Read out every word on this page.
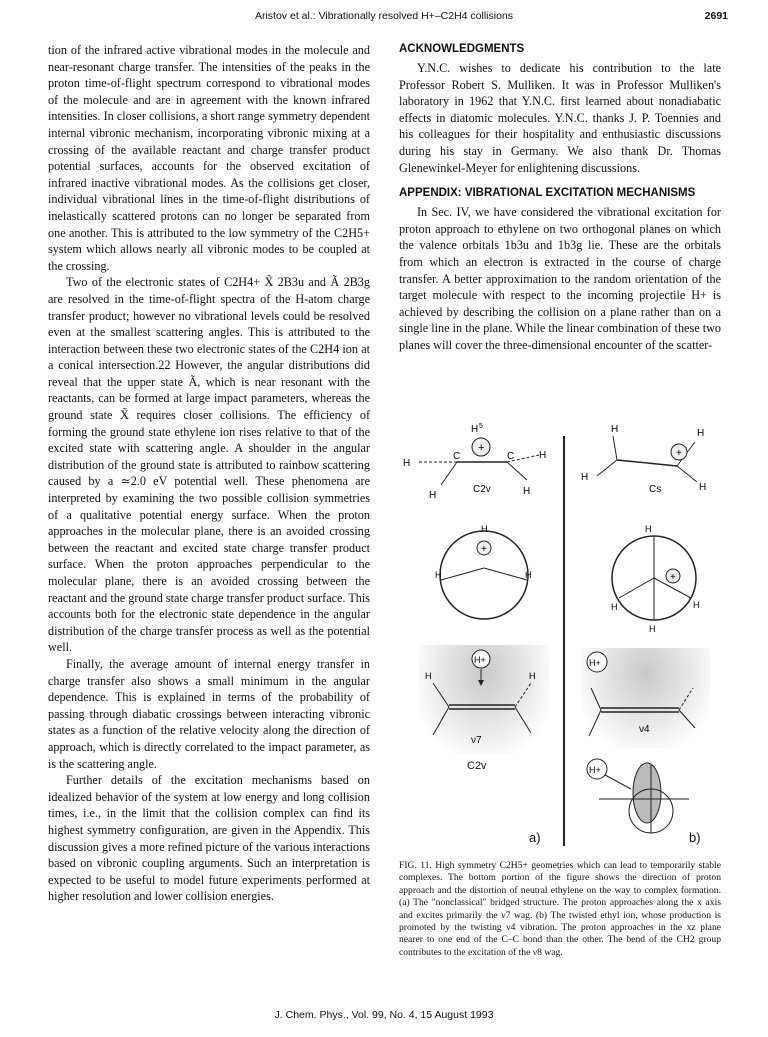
Aristov et al.: Vibrationally resolved H+–C2H4 collisions	2691

tion of the infrared active vibrational modes in the molecule and near-resonant charge transfer. The intensities of the peaks in the proton time-of-flight spectrum correspond to vibrational modes of the molecule and are in agreement with the known infrared intensities. In closer collisions, a short range symmetry dependent internal vibronic mechanism, incorporating vibronic mixing at a crossing of the available reactant and charge transfer product potential surfaces, accounts for the observed excitation of infrared inactive vibrational modes. As the collisions get closer, individual vibrational lines in the time-of-flight distributions of inelastically scattered protons can no longer be separated from one another. This is attributed to the low symmetry of the C2H5+ system which allows nearly all vibronic modes to be coupled at the crossing.

Two of the electronic states of C2H4+ X̃ 2B3u and Ã 2B3g are resolved in the time-of-flight spectra of the H-atom charge transfer product; however no vibrational levels could be resolved even at the smallest scattering angles. This is attributed to the interaction between these two electronic states of the C2H4 ion at a conical intersection.22 However, the angular distributions did reveal that the upper state Ã, which is near resonant with the reactants, can be formed at large impact parameters, whereas the ground state X̃ requires closer collisions. The efficiency of forming the ground state ethylene ion rises relative to that of the excited state with scattering angle. A shoulder in the angular distribution of the ground state is attributed to rainbow scattering caused by a ≃2.0 eV potential well. These phenomena are interpreted by examining the two possible collision symmetries of a qualitative potential energy surface. When the proton approaches in the molecular plane, there is an avoided crossing between the reactant and excited state charge transfer product surface. When the proton approaches perpendicular to the molecular plane, there is an avoided crossing between the reactant and the ground state charge transfer product surface. This accounts both for the electronic state dependence in the angular distribution of the charge transfer process as well as the potential well.

Finally, the average amount of internal energy transfer in charge transfer also shows a small minimum in the angular dependence. This is explained in terms of the probability of passing through diabatic crossings between interacting vibronic states as a function of the relative velocity along the direction of approach, which is directly correlated to the impact parameter, as is the scattering angle.

Further details of the excitation mechanisms based on idealized behavior of the system at low energy and long collision times, i.e., in the limit that the collision complex can find its highest symmetry configuration, are given in the Appendix. This discussion gives a more refined picture of the various interactions based on vibronic coupling arguments. Such an interpretation is expected to be useful to model future experiments performed at higher resolution and lower collision energies.

ACKNOWLEDGMENTS

Y.N.C. wishes to dedicate his contribution to the late Professor Robert S. Mulliken. It was in Professor Mulliken's laboratory in 1962 that Y.N.C. first learned about nonadiabatic effects in diatomic molecules. Y.N.C. thanks J. P. Toennies and his colleagues for their hospitality and enthusiastic discussions during his stay in Germany. We also thank Dr. Thomas Glenewinkel-Meyer for enlightening discussions.

APPENDIX: VIBRATIONAL EXCITATION MECHANISMS

In Sec. IV, we have considered the vibrational excitation for proton approach to ethylene on two orthogonal planes on which the valence orbitals 1b3u and 1b3g lie. These are the orbitals from which an electron is extracted in the course of charge transfer. A better approximation to the random orientation of the target molecule with respect to the incoming projectile H+ is achieved by describing the collision on a plane rather than on a single line in the plane. While the linear combination of these two planes will cover the three-dimensional encounter of the scatter-

+
H 5
H
C	C H
H	H
C2v
+
H
H	H
H+
H	H
ν7
C2v
a)
+
H
H
H
H
Cs
+
H
H	H
H
H+
ν4
H+
b)
FIG. 11. High symmetry C2H5+ geometries which can lead to temporarily stable complexes. The bottom portion of the figure shows the direction of proton approach and the distortion of neutral ethylene on the way to complex formation. (a) The "nonclassical" bridged structure. The proton approaches along the x axis and excites primarily the ν7 wag. (b) The twisted ethyl ion, whose production is promoted by the twisting ν4 vibration. The proton approaches in the xz plane nearer to one end of the C–C bond than the other. The bend of the CH2 group contributes to the excitation of the ν8 wag.
J. Chem. Phys., Vol. 99, No. 4, 15 August 1993
